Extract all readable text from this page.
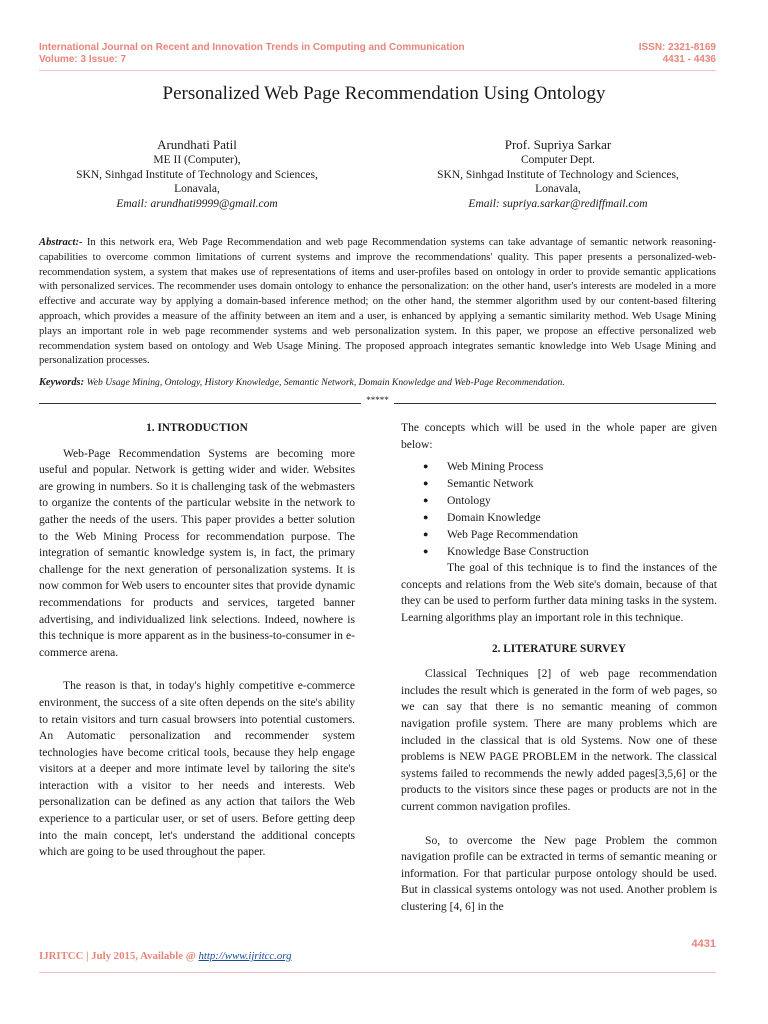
International Journal on Recent and Innovation Trends in Computing and Communication
Volume: 3 Issue: 7
ISSN: 2321-8169
4431 - 4436
Personalized Web Page Recommendation Using Ontology
Arundhati Patil
ME II (Computer),
SKN, Sinhgad Institute of Technology and Sciences,
Lonavala,
Email: arundhati9999@gmail.com
Prof. Supriya Sarkar
Computer Dept.
SKN, Sinhgad Institute of Technology and Sciences,
Lonavala,
Email: supriya.sarkar@rediffmail.com
Abstract:- In this network era, Web Page Recommendation and web page Recommendation systems can take advantage of semantic network reasoning-capabilities to overcome common limitations of current systems and improve the recommendations' quality. This paper presents a personalized-web-recommendation system, a system that makes use of representations of items and user-profiles based on ontology in order to provide semantic applications with personalized services. The recommender uses domain ontology to enhance the personalization: on the other hand, user's interests are modeled in a more effective and accurate way by applying a domain-based inference method; on the other hand, the stemmer algorithm used by our content-based filtering approach, which provides a measure of the affinity between an item and a user, is enhanced by applying a semantic similarity method. Web Usage Mining plays an important role in web page recommender systems and web personalization system. In this paper, we propose an effective personalized web recommendation system based on ontology and Web Usage Mining. The proposed approach integrates semantic knowledge into Web Usage Mining and personalization processes.
Keywords: Web Usage Mining, Ontology, History Knowledge, Semantic Network, Domain Knowledge and Web-Page Recommendation.
*****
1. INTRODUCTION

Web-Page Recommendation Systems are becoming more useful and popular. Network is getting wider and wider. Websites are growing in numbers. So it is challenging task of the webmasters to organize the contents of the particular website in the network to gather the needs of the users. This paper provides a better solution to the Web Mining Process for recommendation purpose. The integration of semantic knowledge system is, in fact, the primary challenge for the next generation of personalization systems. It is now common for Web users to encounter sites that provide dynamic recommendations for products and services, targeted banner advertising, and individualized link selections. Indeed, nowhere is this technique is more apparent as in the business-to-consumer in e-commerce arena.

The reason is that, in today's highly competitive e-commerce environment, the success of a site often depends on the site's ability to retain visitors and turn casual browsers into potential customers. An Automatic personalization and recommender system technologies have become critical tools, because they help engage visitors at a deeper and more intimate level by tailoring the site's interaction with a visitor to her needs and interests. Web personalization can be defined as any action that tailors the Web experience to a particular user, or set of users. Before getting deep into the main concept, let's understand the additional concepts which are going to be used throughout the paper.

The concepts which will be used in the whole paper are given below:

● Web Mining Process
● Semantic Network
● Ontology
● Domain Knowledge
● Web Page Recommendation
● Knowledge Base Construction

The goal of this technique is to find the instances of the concepts and relations from the Web site's domain, because of that they can be used to perform further data mining tasks in the system. Learning algorithms play an important role in this technique.

2. LITERATURE SURVEY

Classical Techniques [2] of web page recommendation includes the result which is generated in the form of web pages, so we can say that there is no semantic meaning of common navigation profile system. There are many problems which are included in the classical that is old Systems. Now one of these problems is NEW PAGE PROBLEM in the network. The classical systems failed to recommends the newly added pages[3,5,6] or the products to the visitors since these pages or products are not in the current common navigation profiles.

So, to overcome the New page Problem the common navigation profile can be extracted in terms of semantic meaning or information. For that particular purpose ontology should be used. But in classical systems ontology was not used. Another problem is clustering [4, 6] in the

4431
IJRITCC | July 2015, Available @ http://www.ijritcc.org
